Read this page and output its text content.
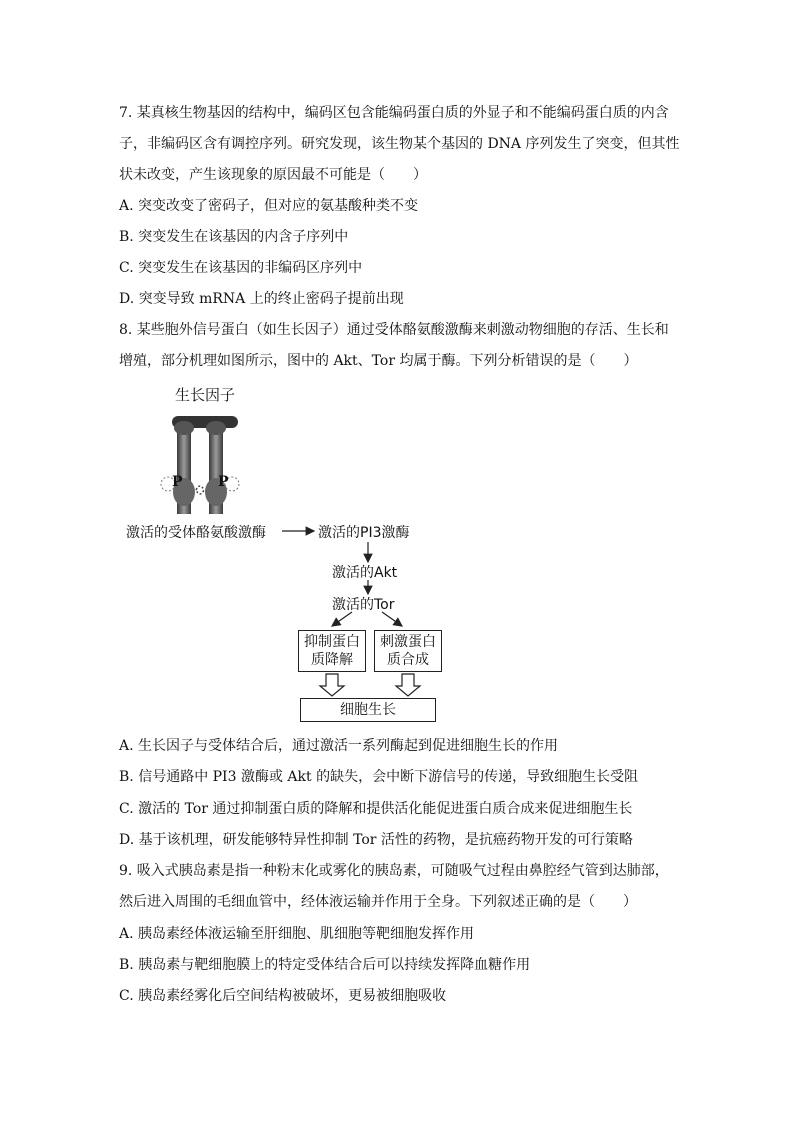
7. 某真核生物基因的结构中，编码区包含能编码蛋白质的外显子和不能编码蛋白质的内含
子，非编码区含有调控序列。研究发现，该生物某个基因的 DNA 序列发生了突变，但其性
状未改变，产生该现象的原因最不可能是（　　）
A. 突变改变了密码子，但对应的氨基酸种类不变
B. 突变发生在该基因的内含子序列中
C. 突变发生在该基因的非编码区序列中
D. 突变导致 mRNA 上的终止密码子提前出现
8. 某些胞外信号蛋白（如生长因子）通过受体酪氨酸激酶来刺激动物细胞的存活、生长和
增殖，部分机理如图所示，图中的 Akt、Tor 均属于酶。下列分析错误的是（　　）
生长因子
P	P
激活的受体酪氨酸激酶	激活的PI3激酶
激活的Akt
激活的Tor
抑制蛋白
质降解
刺激蛋白
质合成
细胞生长
A. 生长因子与受体结合后，通过激活一系列酶起到促进细胞生长的作用
B. 信号通路中 PI3 激酶或 Akt 的缺失，会中断下游信号的传递，导致细胞生长受阻
C. 激活的 Tor 通过抑制蛋白质的降解和提供活化能促进蛋白质合成来促进细胞生长
D. 基于该机理，研发能够特异性抑制 Tor 活性的药物，是抗癌药物开发的可行策略
9. 吸入式胰岛素是指一种粉末化或雾化的胰岛素，可随吸气过程由鼻腔经气管到达肺部，
然后进入周围的毛细血管中，经体液运输并作用于全身。下列叙述正确的是（　　）
A. 胰岛素经体液运输至肝细胞、肌细胞等靶细胞发挥作用
B. 胰岛素与靶细胞膜上的特定受体结合后可以持续发挥降血糖作用
C. 胰岛素经雾化后空间结构被破坏，更易被细胞吸收
